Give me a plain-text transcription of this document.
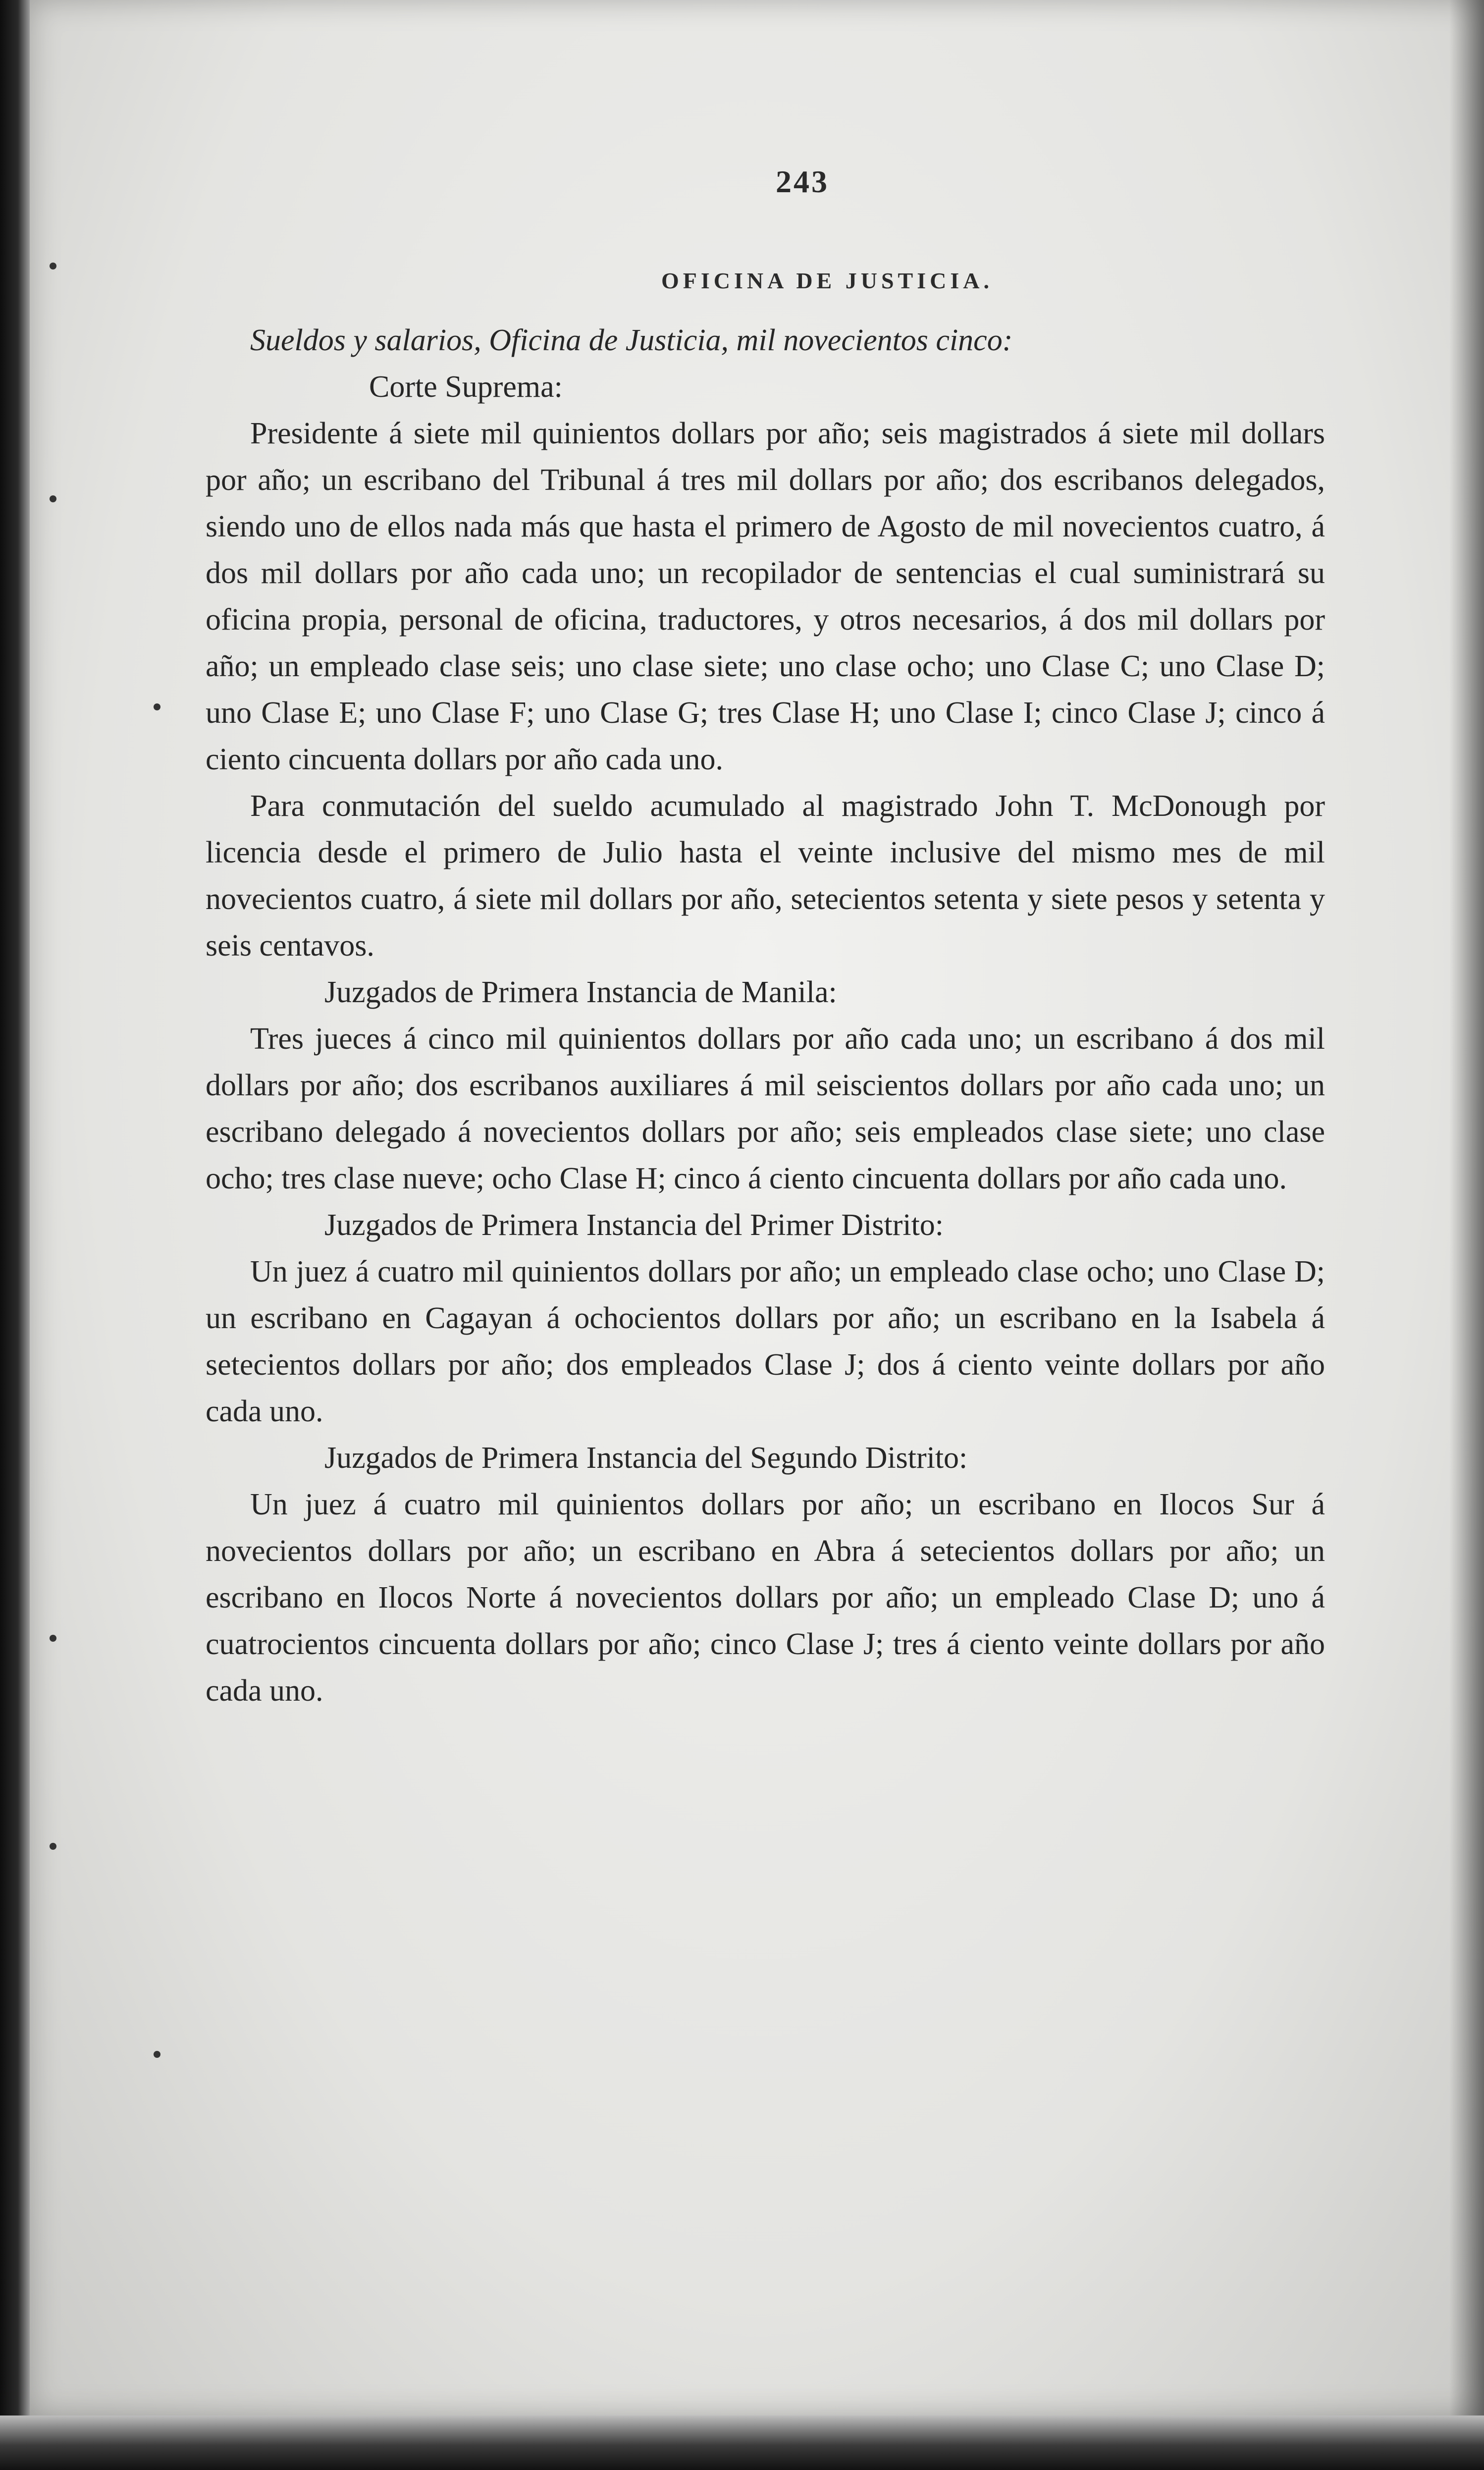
243
OFICINA DE JUSTICIA.

Sueldos y salarios, Oficina de Justicia, mil novecientos cinco:

Corte Suprema:

Presidente á siete mil quinientos dollars por año; seis magistrados á siete mil dollars por año; un escribano del Tribunal á tres mil dollars por año; dos escribanos delegados, siendo uno de ellos nada más que hasta el primero de Agosto de mil novecientos cuatro, á dos mil dollars por año cada uno; un recopilador de sentencias el cual suministrará su oficina propia, personal de oficina, traductores, y otros necesarios, á dos mil dollars por año; un empleado clase seis; uno clase siete; uno clase ocho; uno Clase C; uno Clase D; uno Clase E; uno Clase F; uno Clase G; tres Clase H; uno Clase I; cinco Clase J; cinco á ciento cincuenta dollars por año cada uno.

Para conmutación del sueldo acumulado al magistrado John T. McDonough por licencia desde el primero de Julio hasta el veinte inclusive del mismo mes de mil novecientos cuatro, á siete mil dollars por año, setecientos setenta y siete pesos y setenta y seis centavos.

Juzgados de Primera Instancia de Manila:

Tres jueces á cinco mil quinientos dollars por año cada uno; un escribano á dos mil dollars por año; dos escribanos auxiliares á mil seiscientos dollars por año cada uno; un escribano delegado á novecientos dollars por año; seis empleados clase siete; uno clase ocho; tres clase nueve; ocho Clase H; cinco á ciento cincuenta dollars por año cada uno.

Juzgados de Primera Instancia del Primer Distrito:

Un juez á cuatro mil quinientos dollars por año; un empleado clase ocho; uno Clase D; un escribano en Cagayan á ochocientos dollars por año; un escribano en la Isabela á setecientos dollars por año; dos empleados Clase J; dos á ciento veinte dollars por año cada uno.

Juzgados de Primera Instancia del Segundo Distrito:

Un juez á cuatro mil quinientos dollars por año; un escribano en Ilocos Sur á novecientos dollars por año; un escribano en Abra á setecientos dollars por año; un escribano en Ilocos Norte á novecientos dollars por año; un empleado Clase D; uno á cuatrocientos cincuenta dollars por año; cinco Clase J; tres á ciento veinte dollars por año cada uno.
